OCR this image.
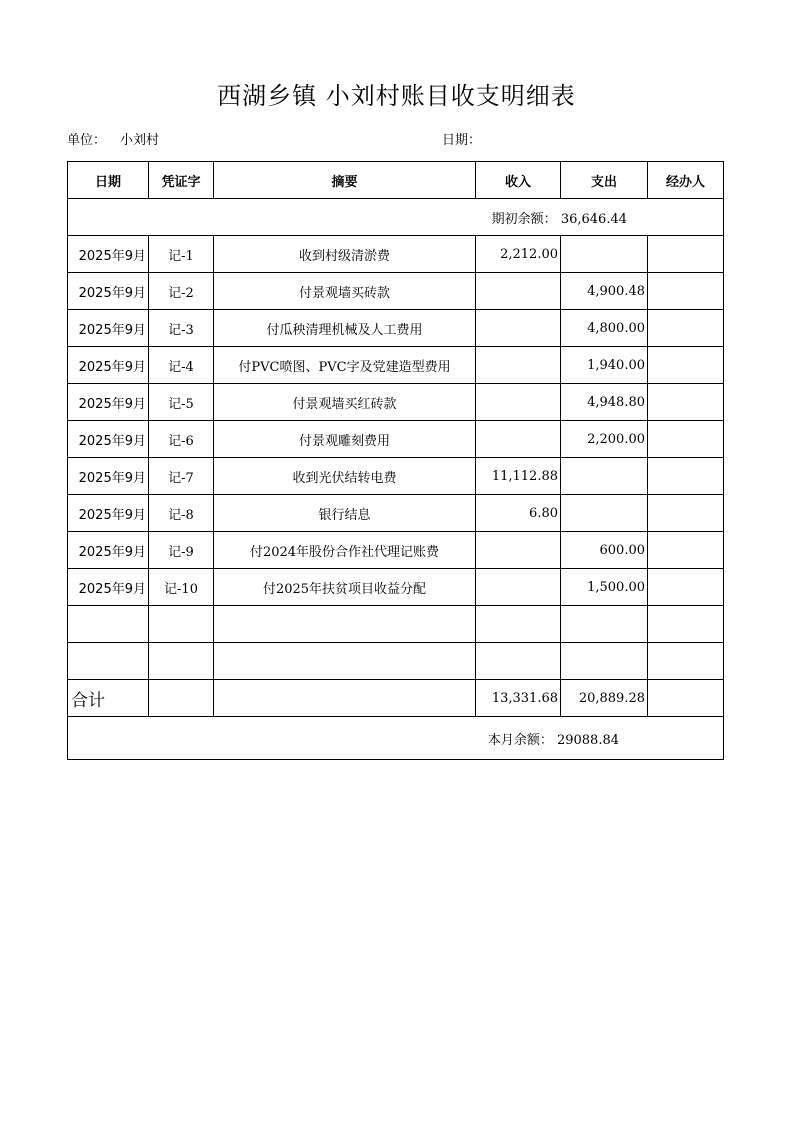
西湖乡镇 小刘村账目收支明细表
单位： 小刘村	日期：
日期	凭证字	摘要	收入	支出	经办人
期初余额： 36,646.44					
2025年9月	记-1	收到村级清淤费	2,212.00		
2025年9月	记-2	付景观墙买砖款		4,900.48	
2025年9月	记-3	付瓜秧清理机械及人工费用		4,800.00	
2025年9月	记-4	付PVC喷图、PVC字及党建造型费用		1,940.00	
2025年9月	记-5	付景观墙买红砖款		4,948.80	
2025年9月	记-6	付景观雕刻费用		2,200.00	
2025年9月	记-7	收到光伏结转电费	11,112.88		
2025年9月	记-8	银行结息	6.80		
2025年9月	记-9	付2024年股份合作社代理记账费		600.00	
2025年9月	记-10	付2025年扶贫项目收益分配		1,500.00	

合计			13,331.68	20,889.28	
本月余额： 29088.84					
